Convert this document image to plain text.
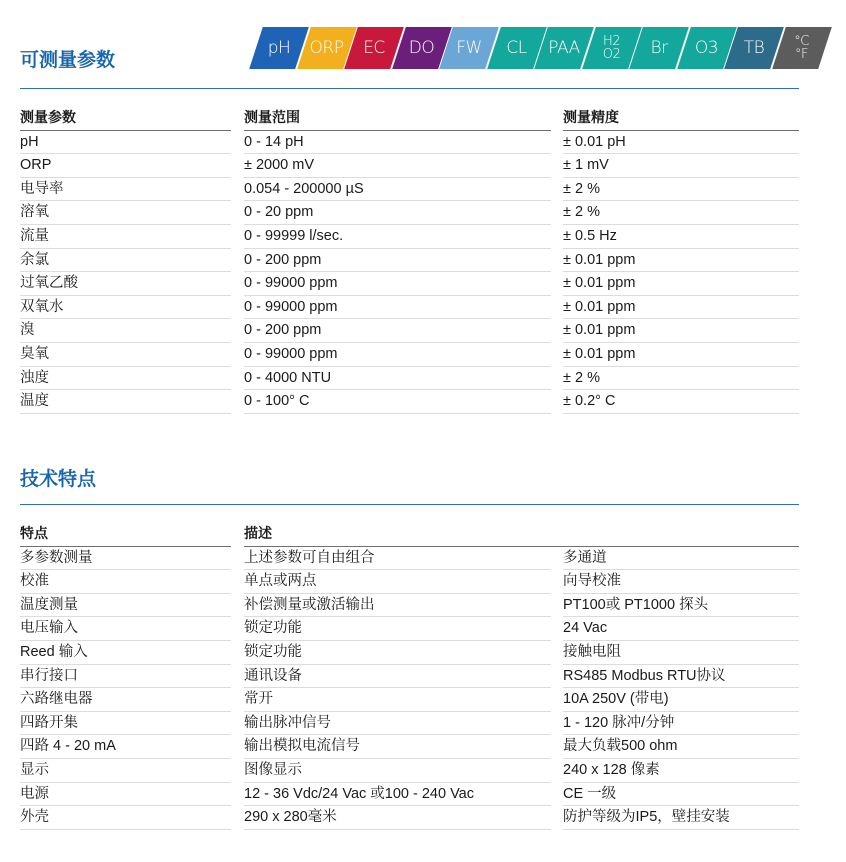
可测量参数
pH ORP EC DO FW CL PAA H2
O2 Br O3 TB °C
°F
测量参数	测量范围	测量精度
pH	0 - 14 pH	± 0.01 pH
ORP	± 2000 mV	± 1 mV
电导率	0.054 - 200000 µS	± 2 %
溶氧	0 - 20 ppm	± 2 %
流量	0 - 99999 l/sec.	± 0.5 Hz
余氯	0 - 200 ppm	± 0.01 ppm
过氧乙酸	0 - 99000 ppm	± 0.01 ppm
双氧水	0 - 99000 ppm	± 0.01 ppm
溴	0 - 200 ppm	± 0.01 ppm
臭氧	0 - 99000 ppm	± 0.01 ppm
浊度	0 - 4000 NTU	± 2 %
温度	0 - 100° C	± 0.2° C
技术特点
特点	描述
多参数测量	上述参数可自由组合	多通道
校准	单点或两点	向导校准
温度测量	补偿测量或激活输出	PT100或 PT1000 探头
电压输入	锁定功能	24 Vac
Reed 输入	锁定功能	接触电阻
串行接口	通讯设备	RS485 Modbus RTU协议
六路继电器	常开	10A 250V (带电)
四路开集	输出脉冲信号	1 - 120 脉冲/分钟
四路 4 - 20 mA	输出模拟电流信号	最大负载500 ohm
显示	图像显示	240 x 128 像素
电源	12 - 36 Vdc/24 Vac 或100 - 240 Vac	CE 一级
外壳	290 x 280毫米	防护等级为IP5，壁挂安装
